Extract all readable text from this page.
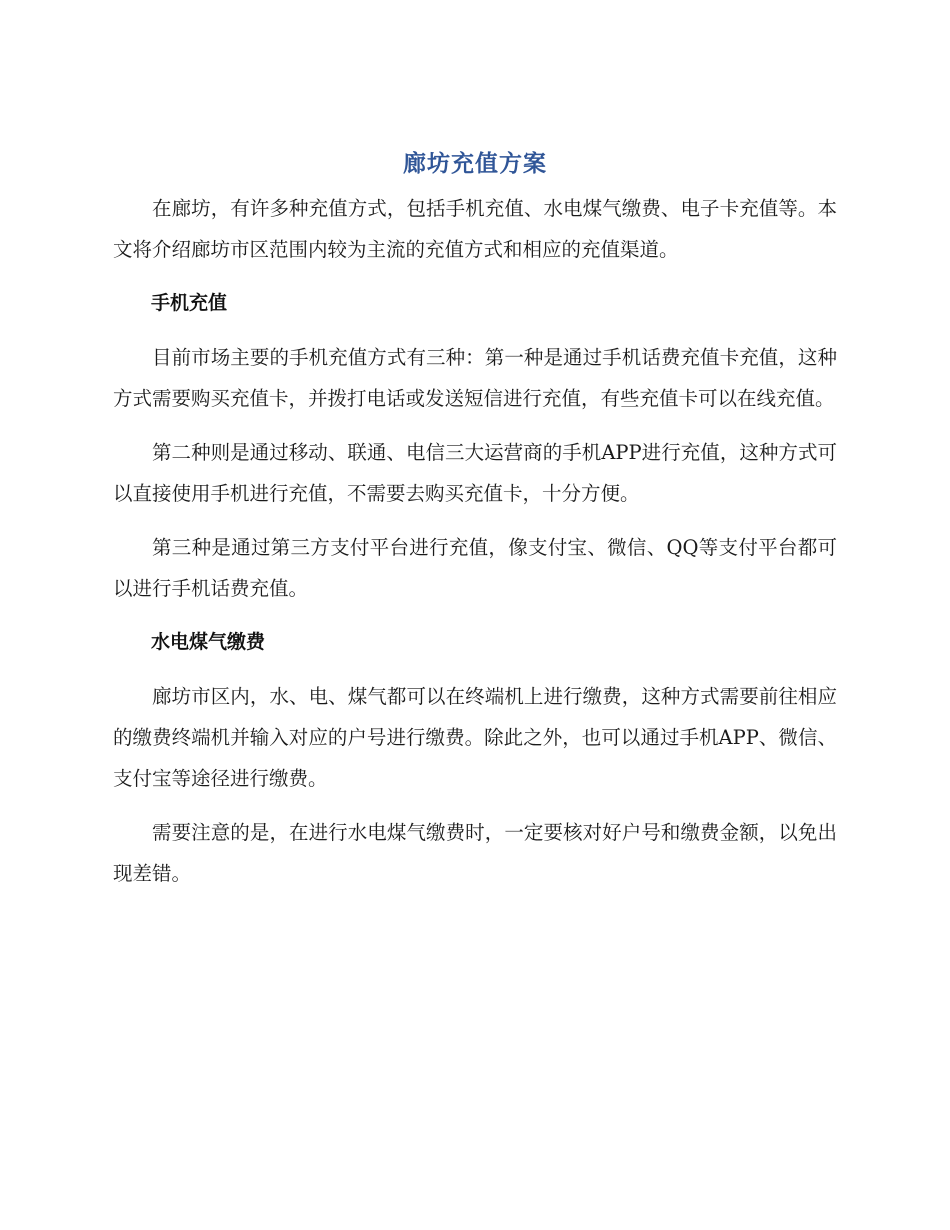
廊坊充值方案

在廊坊，有许多种充值方式，包括手机充值、水电煤气缴费、电子卡充值等。本文将介绍廊坊市区范围内较为主流的充值方式和相应的充值渠道。

手机充值

目前市场主要的手机充值方式有三种：第一种是通过手机话费充值卡充值，这种方式需要购买充值卡，并拨打电话或发送短信进行充值，有些充值卡可以在线充值。

第二种则是通过移动、联通、电信三大运营商的手机APP进行充值，这种方式可以直接使用手机进行充值，不需要去购买充值卡，十分方便。

第三种是通过第三方支付平台进行充值，像支付宝、微信、QQ等支付平台都可以进行手机话费充值。

水电煤气缴费

廊坊市区内，水、电、煤气都可以在终端机上进行缴费，这种方式需要前往相应的缴费终端机并输入对应的户号进行缴费。除此之外，也可以通过手机APP、微信、支付宝等途径进行缴费。

需要注意的是，在进行水电煤气缴费时，一定要核对好户号和缴费金额，以免出现差错。
